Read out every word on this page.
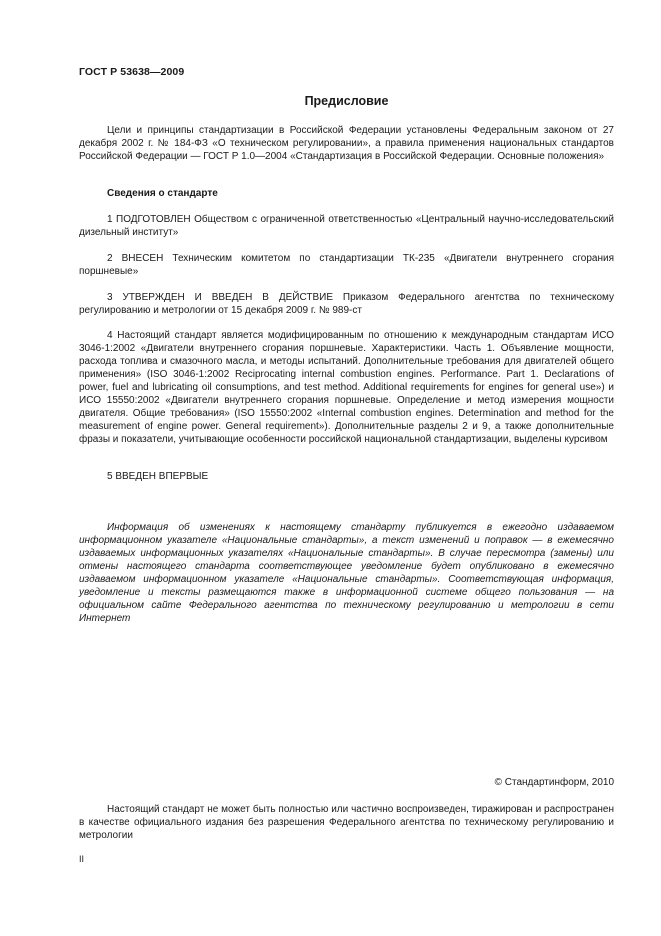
ГОСТ Р 53638—2009
Предисловие

Цели и принципы стандартизации в Российской Федерации установлены Федеральным законом от 27 декабря 2002 г. № 184-ФЗ «О техническом регулировании», а правила применения национальных стандартов Российской Федерации — ГОСТ Р 1.0—2004 «Стандартизация в Российской Федерации. Основные положения»

Сведения о стандарте

1 ПОДГОТОВЛЕН Обществом с ограниченной ответственностью «Центральный научно-исследовательский дизельный институт»

2 ВНЕСЕН Техническим комитетом по стандартизации ТК-235 «Двигатели внутреннего сгорания поршневые»

3 УТВЕРЖДЕН И ВВЕДЕН В ДЕЙСТВИЕ Приказом Федерального агентства по техническому регулированию и метрологии от 15 декабря 2009 г. № 989-ст

4 Настоящий стандарт является модифицированным по отношению к международным стандартам ИСО 3046-1:2002 «Двигатели внутреннего сгорания поршневые. Характеристики. Часть 1. Объявление мощности, расхода топлива и смазочного масла, и методы испытаний. Дополнительные требования для двигателей общего применения» (ISO 3046-1:2002 Reciprocating internal combustion engines. Performance. Part 1. Declarations of power, fuel and lubricating oil consumptions, and test method. Additional requirements for engines for general use») и ИСО 15550:2002 «Двигатели внутреннего сгорания поршневые. Определение и метод измерения мощности двигателя. Общие требования» (ISO 15550:2002 «Internal combustion engines. Determination and method for the measurement of engine power. General requirement»). Дополнительные разделы 2 и 9, а также дополнительные фразы и показатели, учитывающие особенности российской национальной стандартизации, выделены курсивом

5 ВВЕДЕН ВПЕРВЫЕ

Информация об изменениях к настоящему стандарту публикуется в ежегодно издаваемом информационном указателе «Национальные стандарты», а текст изменений и поправок — в ежемесячно издаваемых информационных указателях «Национальные стандарты». В случае пересмотра (замены) или отмены настоящего стандарта соответствующее уведомление будет опубликовано в ежемесячно издаваемом информационном указателе «Национальные стандарты». Соответствующая информация, уведомление и тексты размещаются также в информационной системе общего пользования — на официальном сайте Федерального агентства по техническому регулированию и метрологии в сети Интернет

© Стандартинформ, 2010

Настоящий стандарт не может быть полностью или частично воспроизведен, тиражирован и распространен в качестве официального издания без разрешения Федерального агентства по техническому регулированию и метрологии

II
